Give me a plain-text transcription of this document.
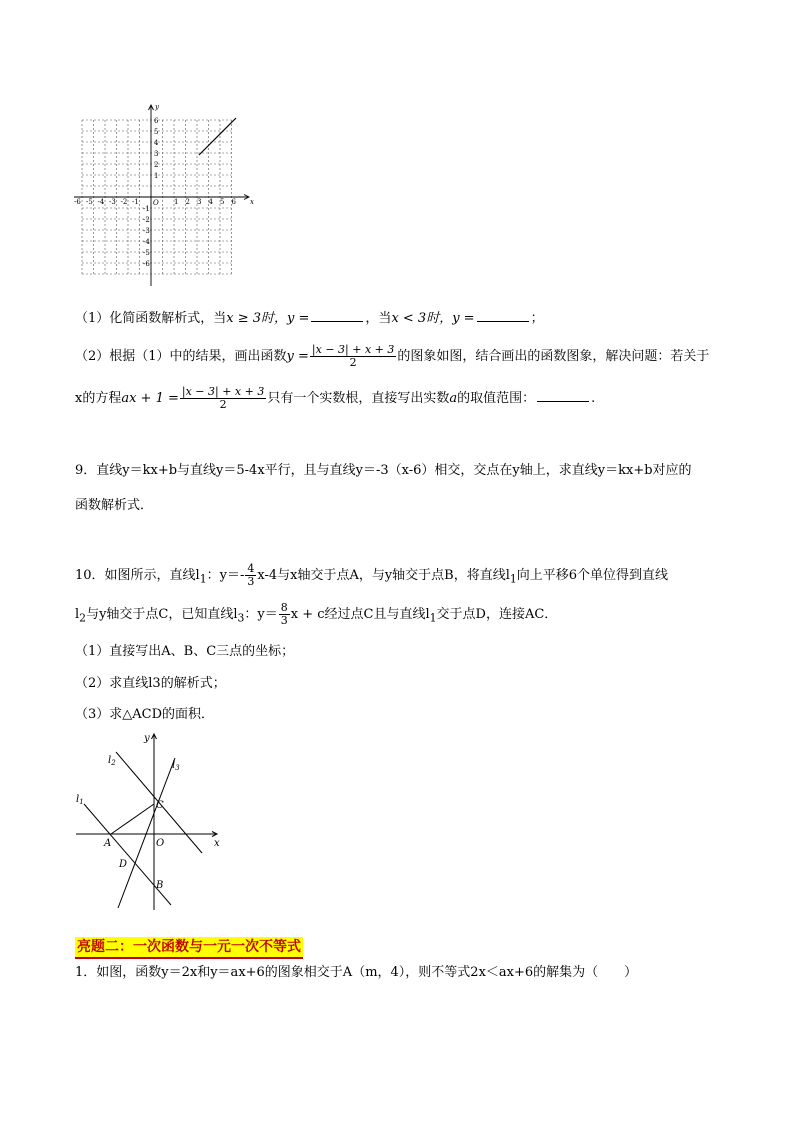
y
x
O
-6 -5 -4 -3 -2 -1	1 2 3 4 5 6
6
5
4
3
2
1
-1
-2
-3
-4
-5
-6
（1）化简函数解析式，当x ≥ 3时，y =	，当x < 3时，y =	；
（2）根据（1）中的结果，画出函数$y = \frac{|x - 3| + x + 3}{2}$ 的图象如图，结合画出的函数图象，解决问题：若关于
x的方程ax + $1 = \frac{|x - 3| + x + 3}{2}$ 只有一个实数根，直接写出实数a的取值范围：	.
9．直线y＝kx+b与直线y＝5-4x平行，且与直线y＝-3（x-6）相交，交点在y轴上，求直线y＝kx+b对应的
函数解析式．
10．如图所示，直线$l_1$：$y=- \frac{4}{3} x-4$与x轴交于点A，与y轴交于点B，将直线$l_1$向上平移6个单位得到直线
$l_2$与y轴交于点C，已知直线$l_3$：$y= \frac{8}{3}$ x + c经过点C且与直线$l_1$交于点D，连接AC．
（1）直接写出A、B、C三点的坐标；
（2）求直线l3的解析式；
（3）求△ACD的面积．
y
x
O
A
B
C
D
$l_1$
$l_2$	$l_3$
亮题二：一次函数与一元一次不等式
1．如图，函数y＝2x和y＝ax+6的图象相交于A（m，4），则不等式2x＜ax+6的解集为（　　）
